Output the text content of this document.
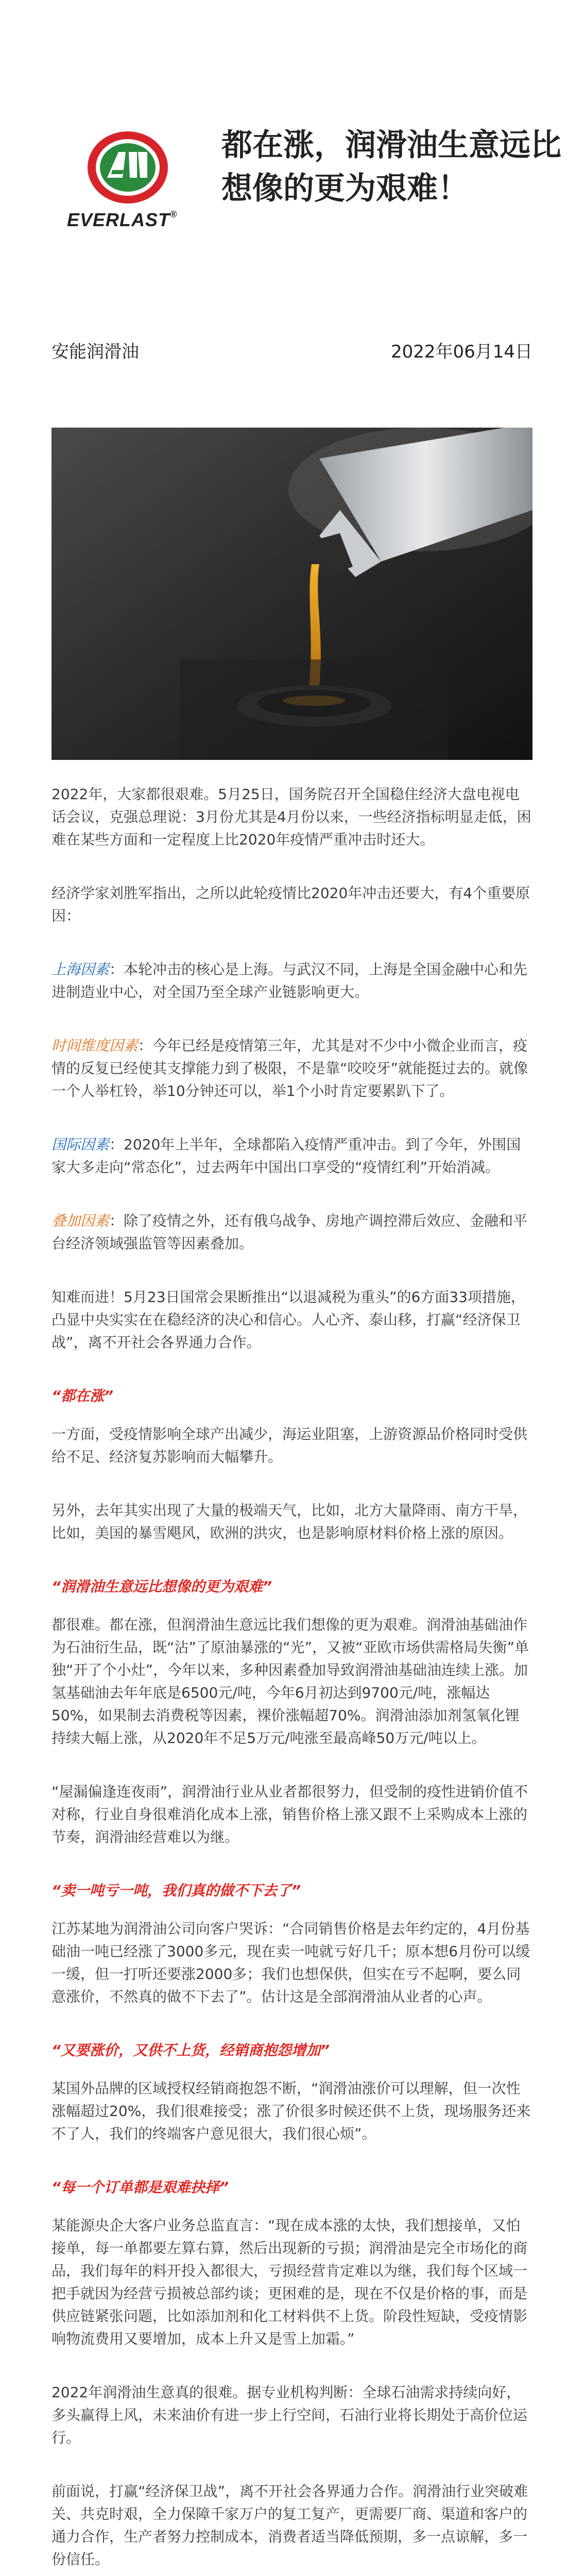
EVERLAST®
都在涨，润滑油生意远比想像的更为艰难！
安能润滑油	2022年06月14日

2022年，大家都很艰难。5月25日，国务院召开全国稳住经济大盘电视电话会议，克强总理说：3月份尤其是4月份以来，一些经济指标明显走低，困难在某些方面和一定程度上比2020年疫情严重冲击时还大。

经济学家刘胜军指出，之所以此轮疫情比2020年冲击还要大，有4个重要原因：

上海因素：本轮冲击的核心是上海。与武汉不同，上海是全国金融中心和先进制造业中心，对全国乃至全球产业链影响更大。

时间维度因素：今年已经是疫情第三年，尤其是对不少中小微企业而言，疫情的反复已经使其支撑能力到了极限，不是靠“咬咬牙”就能挺过去的。就像一个人举杠铃，举10分钟还可以，举1个小时肯定要累趴下了。

国际因素：2020年上半年，全球都陷入疫情严重冲击。到了今年，外围国家大多走向“常态化”，过去两年中国出口享受的“疫情红利”开始消减。

叠加因素：除了疫情之外，还有俄乌战争、房地产调控滞后效应、金融和平台经济领域强监管等因素叠加。

知难而进！5月23日国常会果断推出“以退减税为重头”的6方面33项措施，凸显中央实实在在稳经济的决心和信心。人心齐、泰山移，打赢“经济保卫战”，离不开社会各界通力合作。

“都在涨”

一方面，受疫情影响全球产出减少，海运业阻塞，上游资源品价格同时受供给不足、经济复苏影响而大幅攀升。

另外，去年其实出现了大量的极端天气，比如，北方大量降雨、南方干旱，比如，美国的暴雪飓风，欧洲的洪灾，也是影响原材料价格上涨的原因。

“润滑油生意远比想像的更为艰难”

都很难。都在涨，但润滑油生意远比我们想像的更为艰难。润滑油基础油作为石油衍生品，既“沾”了原油暴涨的“光”，又被“亚欧市场供需格局失衡”单独“开了个小灶”，今年以来，多种因素叠加导致润滑油基础油连续上涨。加氢基础油去年年底是6500元/吨，今年6月初达到9700元/吨，涨幅达50%，如果制去消费税等因素，裸价涨幅超70%。润滑油添加剂氢氧化锂持续大幅上涨，从2020年不足5万元/吨涨至最高峰50万元/吨以上。

“屋漏偏逢连夜雨”，润滑油行业从业者都很努力，但受制的疫性进销价值不对称，行业自身很难消化成本上涨，销售价格上涨又跟不上采购成本上涨的节奏，润滑油经营难以为继。

“卖一吨亏一吨，我们真的做不下去了”

江苏某地为润滑油公司向客户哭诉：“合同销售价格是去年约定的，4月份基础油一吨已经涨了3000多元，现在卖一吨就亏好几千；原本想6月份可以缓一缓，但一打听还要涨2000多；我们也想保供，但实在亏不起啊，要么同意涨价，不然真的做不下去了”。估计这是全部润滑油从业者的心声。

“又要涨价，又供不上货，经销商抱怨增加”

某国外品牌的区域授权经销商抱怨不断，“润滑油涨价可以理解，但一次性涨幅超过20%，我们很难接受；涨了价很多时候还供不上货，现场服务还来不了人，我们的终端客户意见很大，我们很心烦”。

“每一个订单都是艰难抉择”

某能源央企大客户业务总监直言：“现在成本涨的太快，我们想接单，又怕接单，每一单都要左算右算，然后出现新的亏损；润滑油是完全市场化的商品，我们每年的料开投入都很大，亏损经营肯定难以为继，我们每个区域一把手就因为经营亏损被总部约谈；更困难的是，现在不仅是价格的事，而是供应链紧张问题，比如添加剂和化工材料供不上货。阶段性短缺，受疫情影响物流费用又要增加，成本上升又是雪上加霜。”

2022年润滑油生意真的很难。据专业机构判断：全球石油需求持续向好，多头赢得上风，未来油价有进一步上行空间，石油行业将长期处于高价位运行。

前面说，打赢“经济保卫战”，离不开社会各界通力合作。润滑油行业突破难关、共克时艰，全力保障千家万户的复工复产，更需要厂商、渠道和客户的通力合作，生产者努力控制成本，消费者适当降低预期，多一点谅解，多一份信任。
